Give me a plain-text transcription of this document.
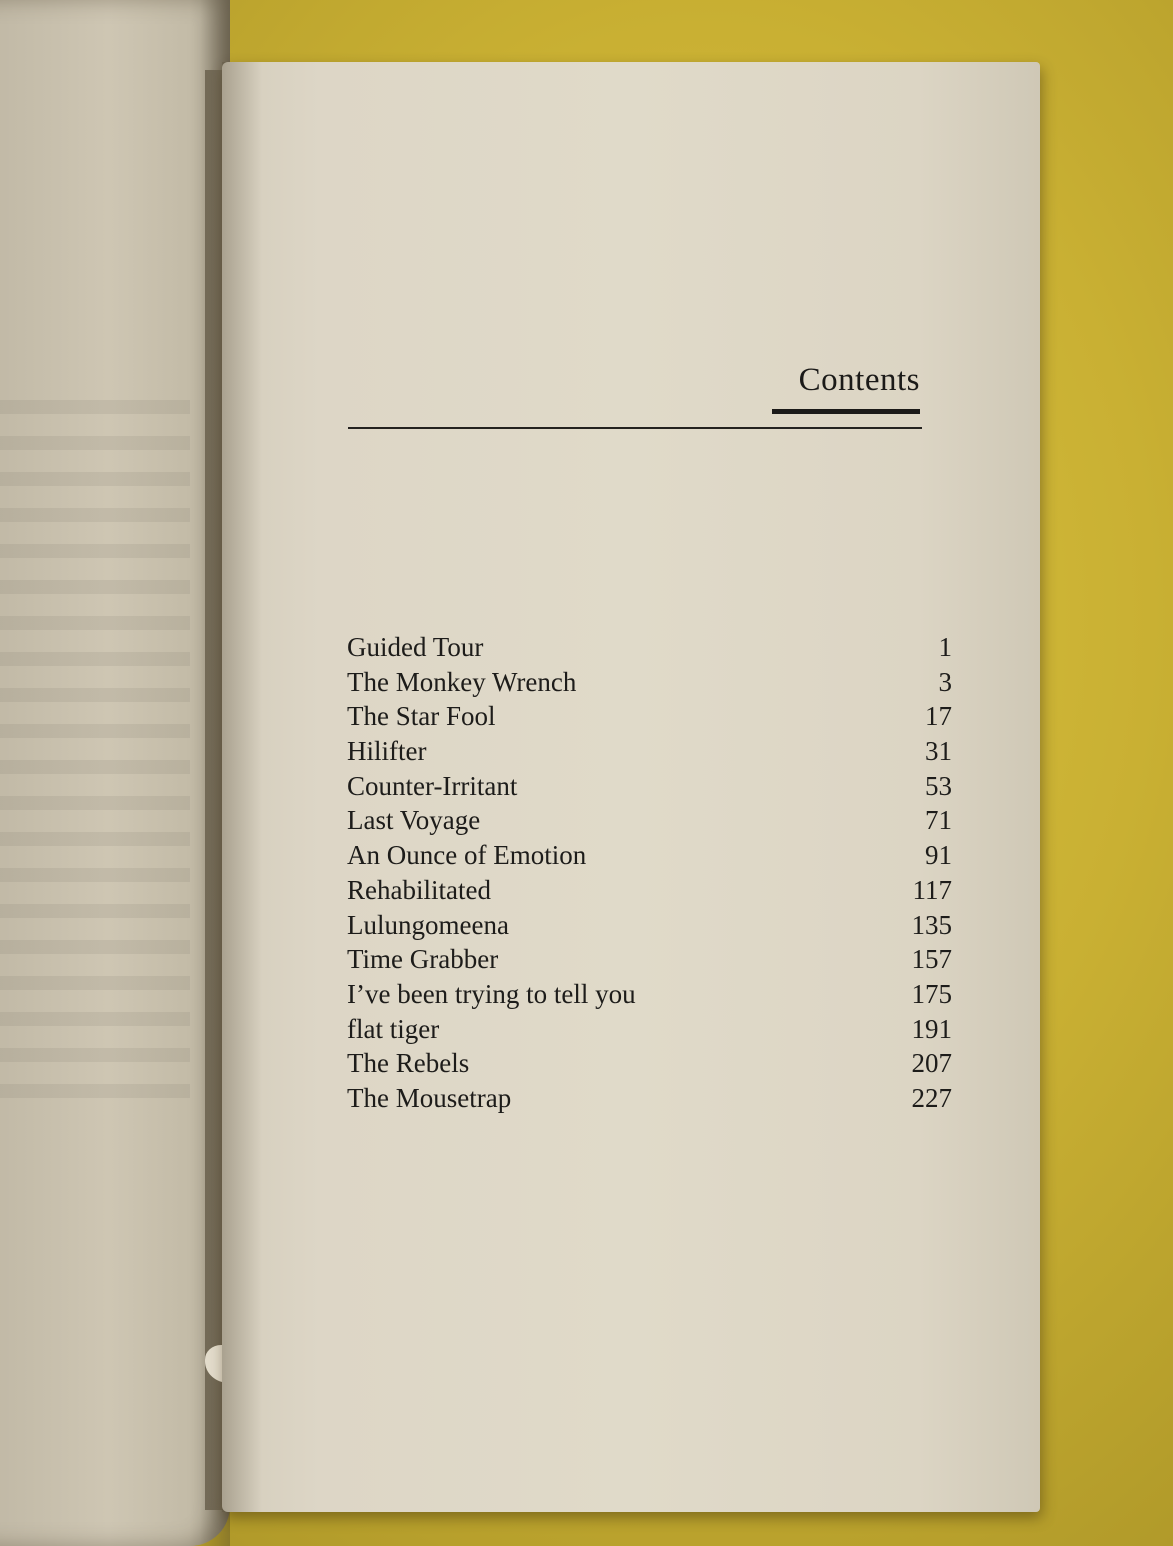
Contents
Guided Tour	1
The Monkey Wrench	3
The Star Fool	17
Hilifter	31
Counter-Irritant	53
Last Voyage	71
An Ounce of Emotion	91
Rehabilitated	117
Lulungomeena	135
Time Grabber	157
I’ve been trying to tell you	175
flat tiger	191
The Rebels	207
The Mousetrap	227
